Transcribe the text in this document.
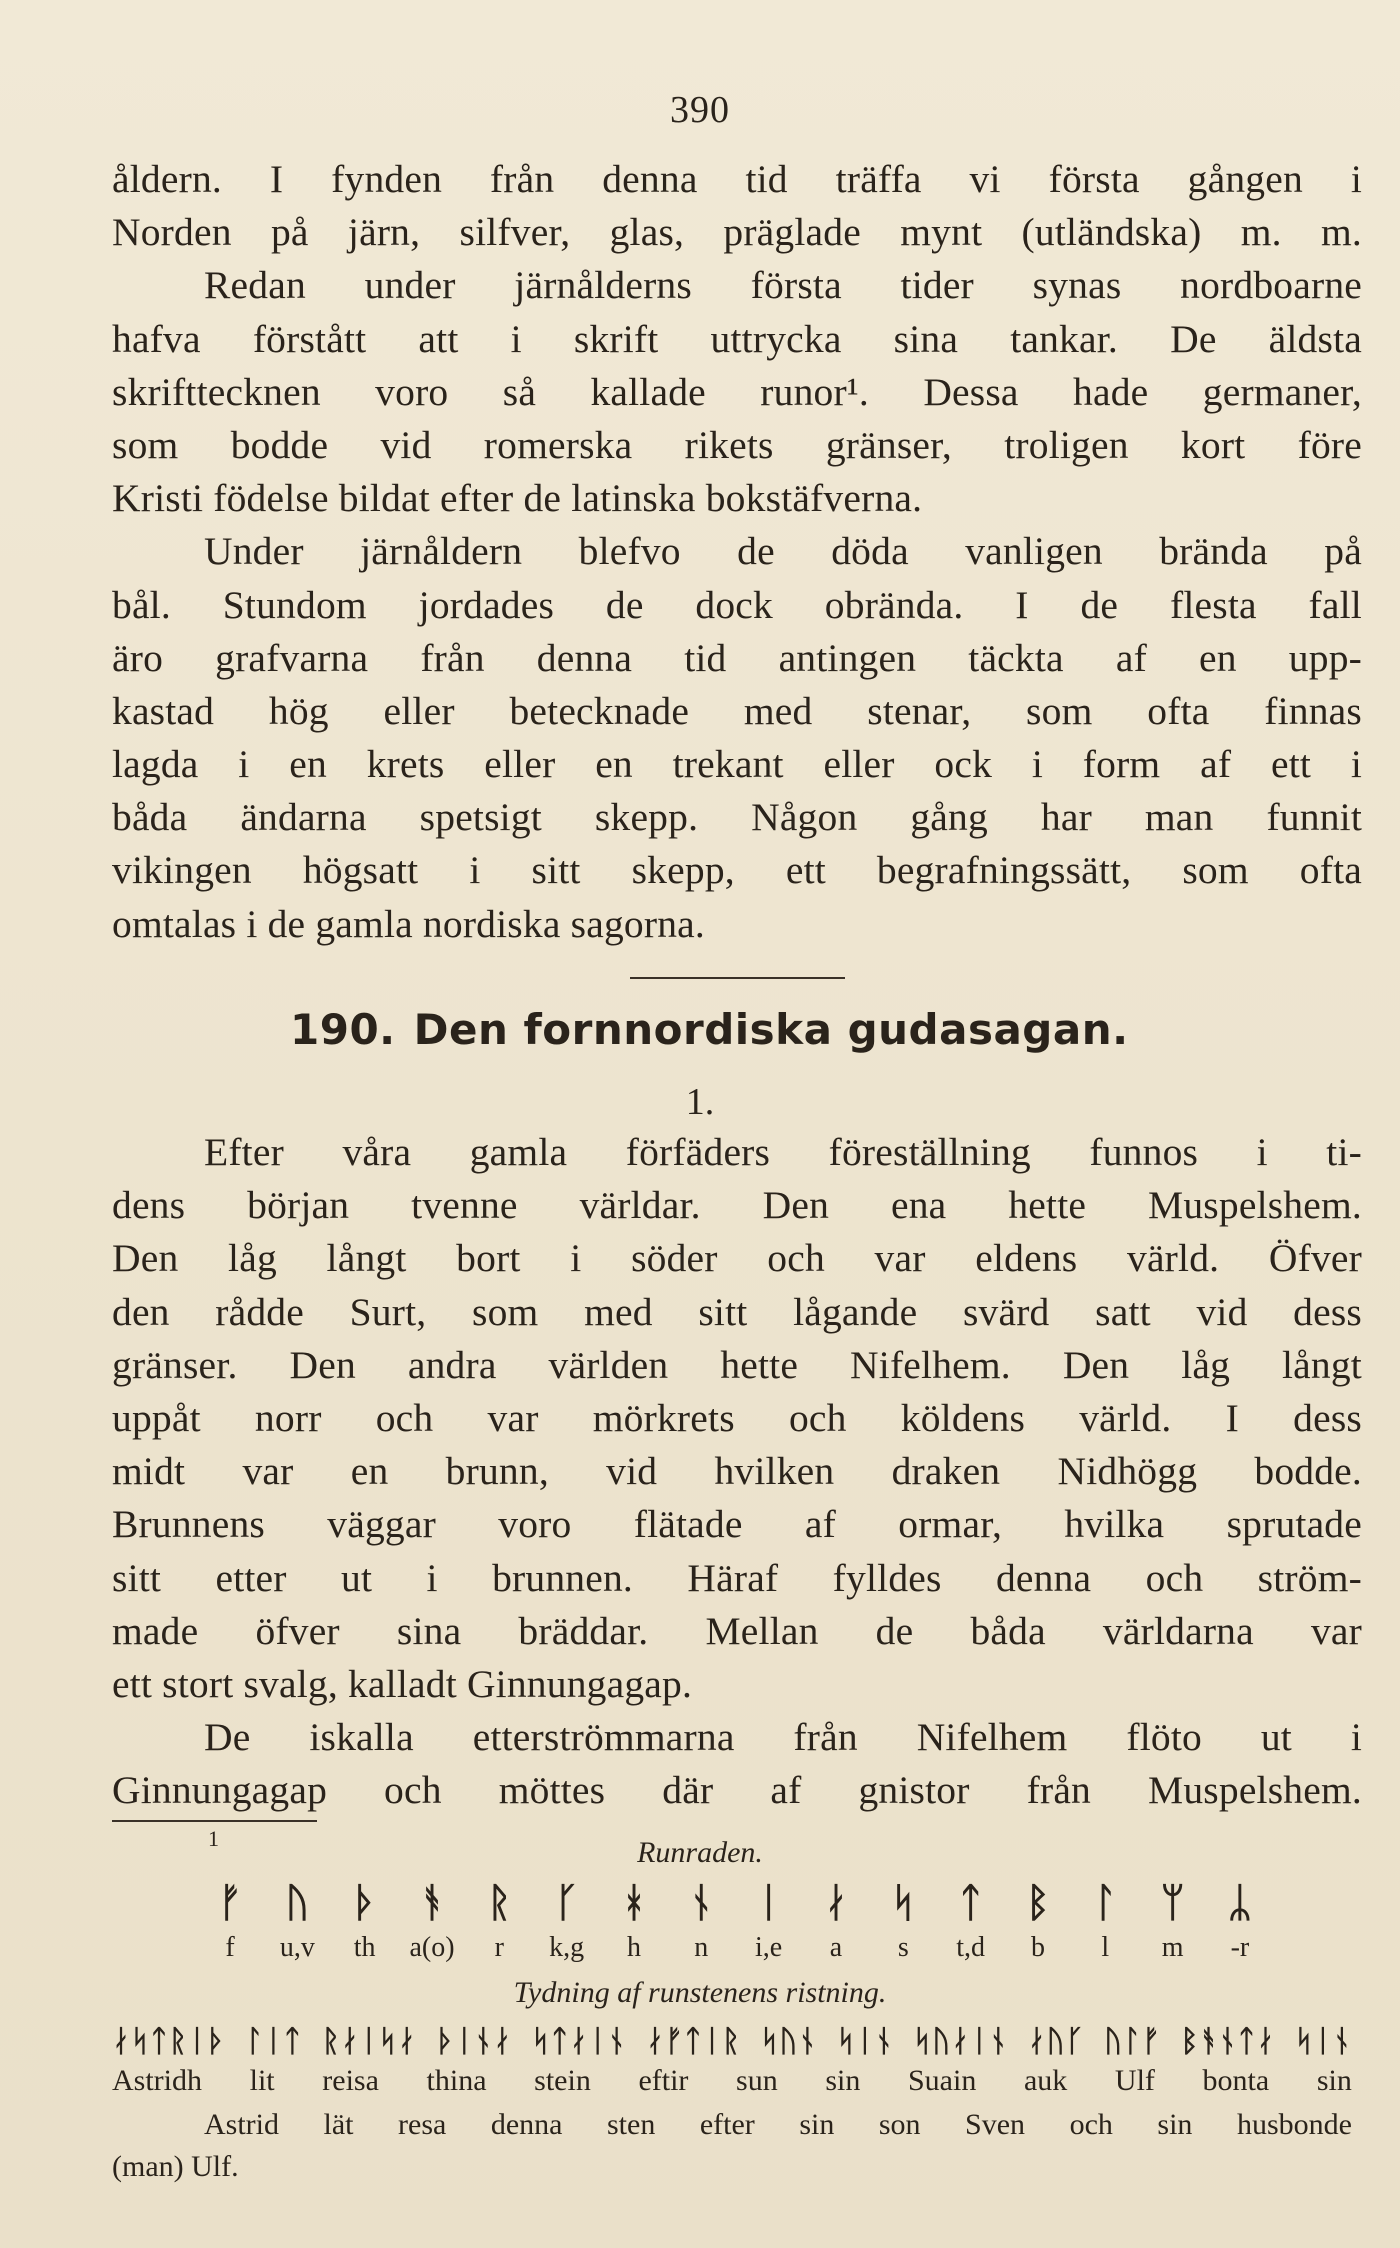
390
åldern. I fynden från denna tid träffa vi första gången i
Norden på järn, silfver, glas, präglade mynt (utländska) m. m.
Redan under järnålderns första tider synas nordboarne
hafva förstått att i skrift uttrycka sina tankar. De äldsta
skrifttecknen voro så kallade runor¹. Dessa hade germaner,
som bodde vid romerska rikets gränser, troligen kort före
Kristi födelse bildat efter de latinska bokstäfverna.
Under järnåldern blefvo de döda vanligen brända på
bål. Stundom jordades de dock obrända. I de flesta fall
äro grafvarna från denna tid antingen täckta af en upp-
kastad hög eller betecknade med stenar, som ofta finnas
lagda i en krets eller en trekant eller ock i form af ett i
båda ändarna spetsigt skepp. Någon gång har man funnit
vikingen högsatt i sitt skepp, ett begrafningssätt, som ofta
omtalas i de gamla nordiska sagorna.
190. Den fornnordiska gudasagan.
1.
Efter våra gamla förfäders föreställning funnos i ti-
dens början tvenne världar. Den ena hette Muspelshem.
Den låg långt bort i söder och var eldens värld. Öfver
den rådde Surt, som med sitt lågande svärd satt vid dess
gränser. Den andra världen hette Nifelhem. Den låg långt
uppåt norr och var mörkrets och köldens värld. I dess
midt var en brunn, vid hvilken draken Nidhögg bodde.
Brunnens väggar voro flätade af ormar, hvilka sprutade
sitt etter ut i brunnen. Häraf fylldes denna och ström-
made öfver sina bräddar. Mellan de båda världarna var
ett stort svalg, kalladt Ginnungagap.
De iskalla etterströmmarna från Nifelhem flöto ut i
Ginnungagap och möttes där af gnistor från Muspelshem.
1	Runraden.
ᚠ	ᚢ	ᚦ	ᚬ	ᚱ	ᚴ	ᚼ	ᚾ	ᛁ	ᛅ	ᛋ	ᛏ	ᛒ	ᛚ	ᛘ	ᛦ
f	u,v	th	a(o)	r	k,g	h	n	i,e	a	s	t,d	b	l	m	-r
Tydning af runstenens ristning.
ᛅᛋᛏᚱᛁᚦ ᛚᛁᛏ ᚱᛅᛁᛋᛅ ᚦᛁᚾᛅ ᛋᛏᛅᛁᚾ ᛅᚠᛏᛁᚱ ᛋᚢᚾ ᛋᛁᚾ ᛋᚢᛅᛁᚾ ᛅᚢᚴ ᚢᛚᚠ ᛒᚬᚾᛏᛅ ᛋᛁᚾ
Astridh lit reisa thina stein eftir sun sin Suain auk Ulf bonta sin
Astrid lät resa denna sten efter sin son Sven och sin husbonde
(man) Ulf.
